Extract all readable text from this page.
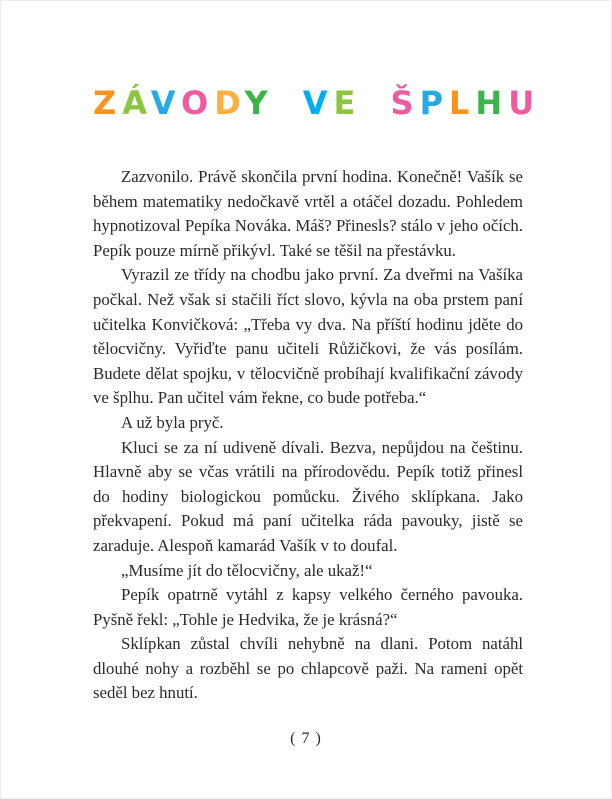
ZÁVODY VE ŠPLHU

Zazvonilo. Právě skončila první hodina. Konečně! Vašík se během matematiky nedočkavě vrtěl a otáčel dozadu. Pohledem hypnotizoval Pepíka Nováka. Máš? Přinesls? stálo v jeho očích. Pepík pouze mírně přikývl. Také se těšil na přestávku.

Vyrazil ze třídy na chodbu jako první. Za dveřmi na Vašíka počkal. Než však si stačili říct slovo, kývla na oba prstem paní učitelka Konvičková: „Třeba vy dva. Na příští hodinu jděte do tělocvičny. Vyřiďte panu učiteli Růžičkovi, že vás posílám. Budete dělat spojku, v tělocvičně probíhají kvalifikační závody ve šplhu. Pan učitel vám řekne, co bude potřeba.“

A už byla pryč.

Kluci se za ní udiveně dívali. Bezva, nepůjdou na češtinu. Hlavně aby se včas vrátili na přírodovědu. Pepík totiž přinesl do hodiny biologickou pomůcku. Živého sklípkana. Jako překvapení. Pokud má paní učitelka ráda pavouky, jistě se zaraduje. Alespoň kamarád Vašík v to doufal.

„Musíme jít do tělocvičny, ale ukaž!“

Pepík opatrně vytáhl z kapsy velkého černého pavouka. Pyšně řekl: „Tohle je Hedvika, že je krásná?“

Sklípkan zůstal chvíli nehybně na dlani. Potom natáhl dlouhé nohy a rozběhl se po chlapcově paži. Na rameni opět seděl bez hnutí.

( 7 )
